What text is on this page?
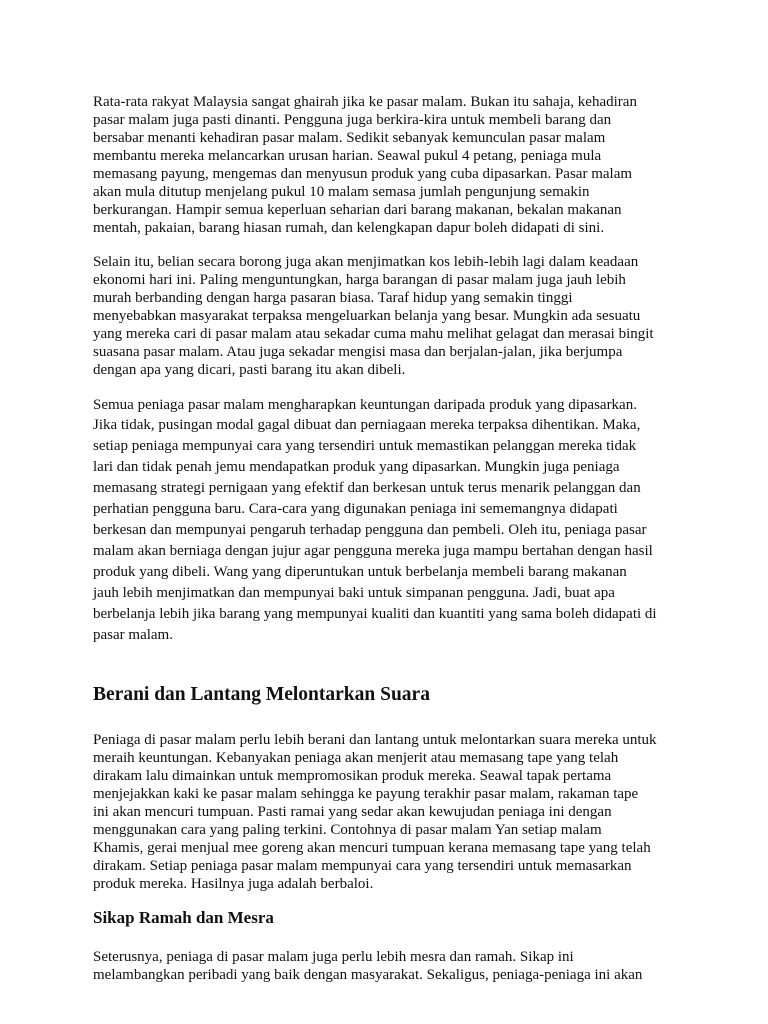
Rata-rata rakyat Malaysia sangat ghairah jika ke pasar malam. Bukan itu sahaja, kehadiran

pasar malam juga pasti dinanti. Pengguna juga berkira-kira untuk membeli barang dan

bersabar menanti kehadiran pasar malam. Sedikit sebanyak kemunculan pasar malam

membantu mereka melancarkan urusan harian. Seawal pukul 4 petang, peniaga mula

memasang payung, mengemas dan menyusun produk yang cuba dipasarkan. Pasar malam

akan mula ditutup menjelang pukul 10 malam semasa jumlah pengunjung semakin

berkurangan. Hampir semua keperluan seharian dari barang makanan, bekalan makanan

mentah, pakaian, barang hiasan rumah, dan kelengkapan dapur boleh didapati di sini.

Selain itu, belian secara borong juga akan menjimatkan kos lebih-lebih lagi dalam keadaan

ekonomi hari ini. Paling menguntungkan, harga barangan di pasar malam juga jauh lebih

murah berbanding dengan harga pasaran biasa. Taraf hidup yang semakin tinggi

menyebabkan masyarakat terpaksa mengeluarkan belanja yang besar. Mungkin ada sesuatu

yang mereka cari di pasar malam atau sekadar cuma mahu melihat gelagat dan merasai bingit

suasana pasar malam. Atau juga sekadar mengisi masa dan berjalan-jalan, jika berjumpa

dengan apa yang dicari, pasti barang itu akan dibeli.

Semua peniaga pasar malam mengharapkan keuntungan daripada produk yang dipasarkan.

Jika tidak, pusingan modal gagal dibuat dan perniagaan mereka terpaksa dihentikan. Maka,

setiap peniaga mempunyai cara yang tersendiri untuk memastikan pelanggan mereka tidak

lari dan tidak penah jemu mendapatkan produk yang dipasarkan. Mungkin juga peniaga

memasang strategi pernigaan yang efektif dan berkesan untuk terus menarik pelanggan dan

perhatian pengguna baru. Cara-cara yang digunakan peniaga ini sememangnya didapati

berkesan dan mempunyai pengaruh terhadap pengguna dan pembeli. Oleh itu, peniaga pasar

malam akan berniaga dengan jujur agar pengguna mereka juga mampu bertahan dengan hasil

produk yang dibeli. Wang yang diperuntukan untuk berbelanja membeli barang makanan

jauh lebih menjimatkan dan mempunyai baki untuk simpanan pengguna. Jadi, buat apa

berbelanja lebih jika barang yang mempunyai kualiti dan kuantiti yang sama boleh didapati di

pasar malam.

Berani dan Lantang Melontarkan Suara

Peniaga di pasar malam perlu lebih berani dan lantang untuk melontarkan suara mereka untuk

meraih keuntungan. Kebanyakan peniaga akan menjerit atau memasang tape yang telah

dirakam lalu dimainkan untuk mempromosikan produk mereka. Seawal tapak pertama

menjejakkan kaki ke pasar malam sehingga ke payung terakhir pasar malam, rakaman tape

ini akan mencuri tumpuan. Pasti ramai yang sedar akan kewujudan peniaga ini dengan

menggunakan cara yang paling terkini. Contohnya di pasar malam Yan setiap malam

Khamis, gerai menjual mee goreng akan mencuri tumpuan kerana memasang tape yang telah

dirakam. Setiap peniaga pasar malam mempunyai cara yang tersendiri untuk memasarkan

produk mereka. Hasilnya juga adalah berbaloi.

Sikap Ramah dan Mesra

Seterusnya, peniaga di pasar malam juga perlu lebih mesra dan ramah. Sikap ini

melambangkan peribadi yang baik dengan masyarakat. Sekaligus, peniaga-peniaga ini akan
